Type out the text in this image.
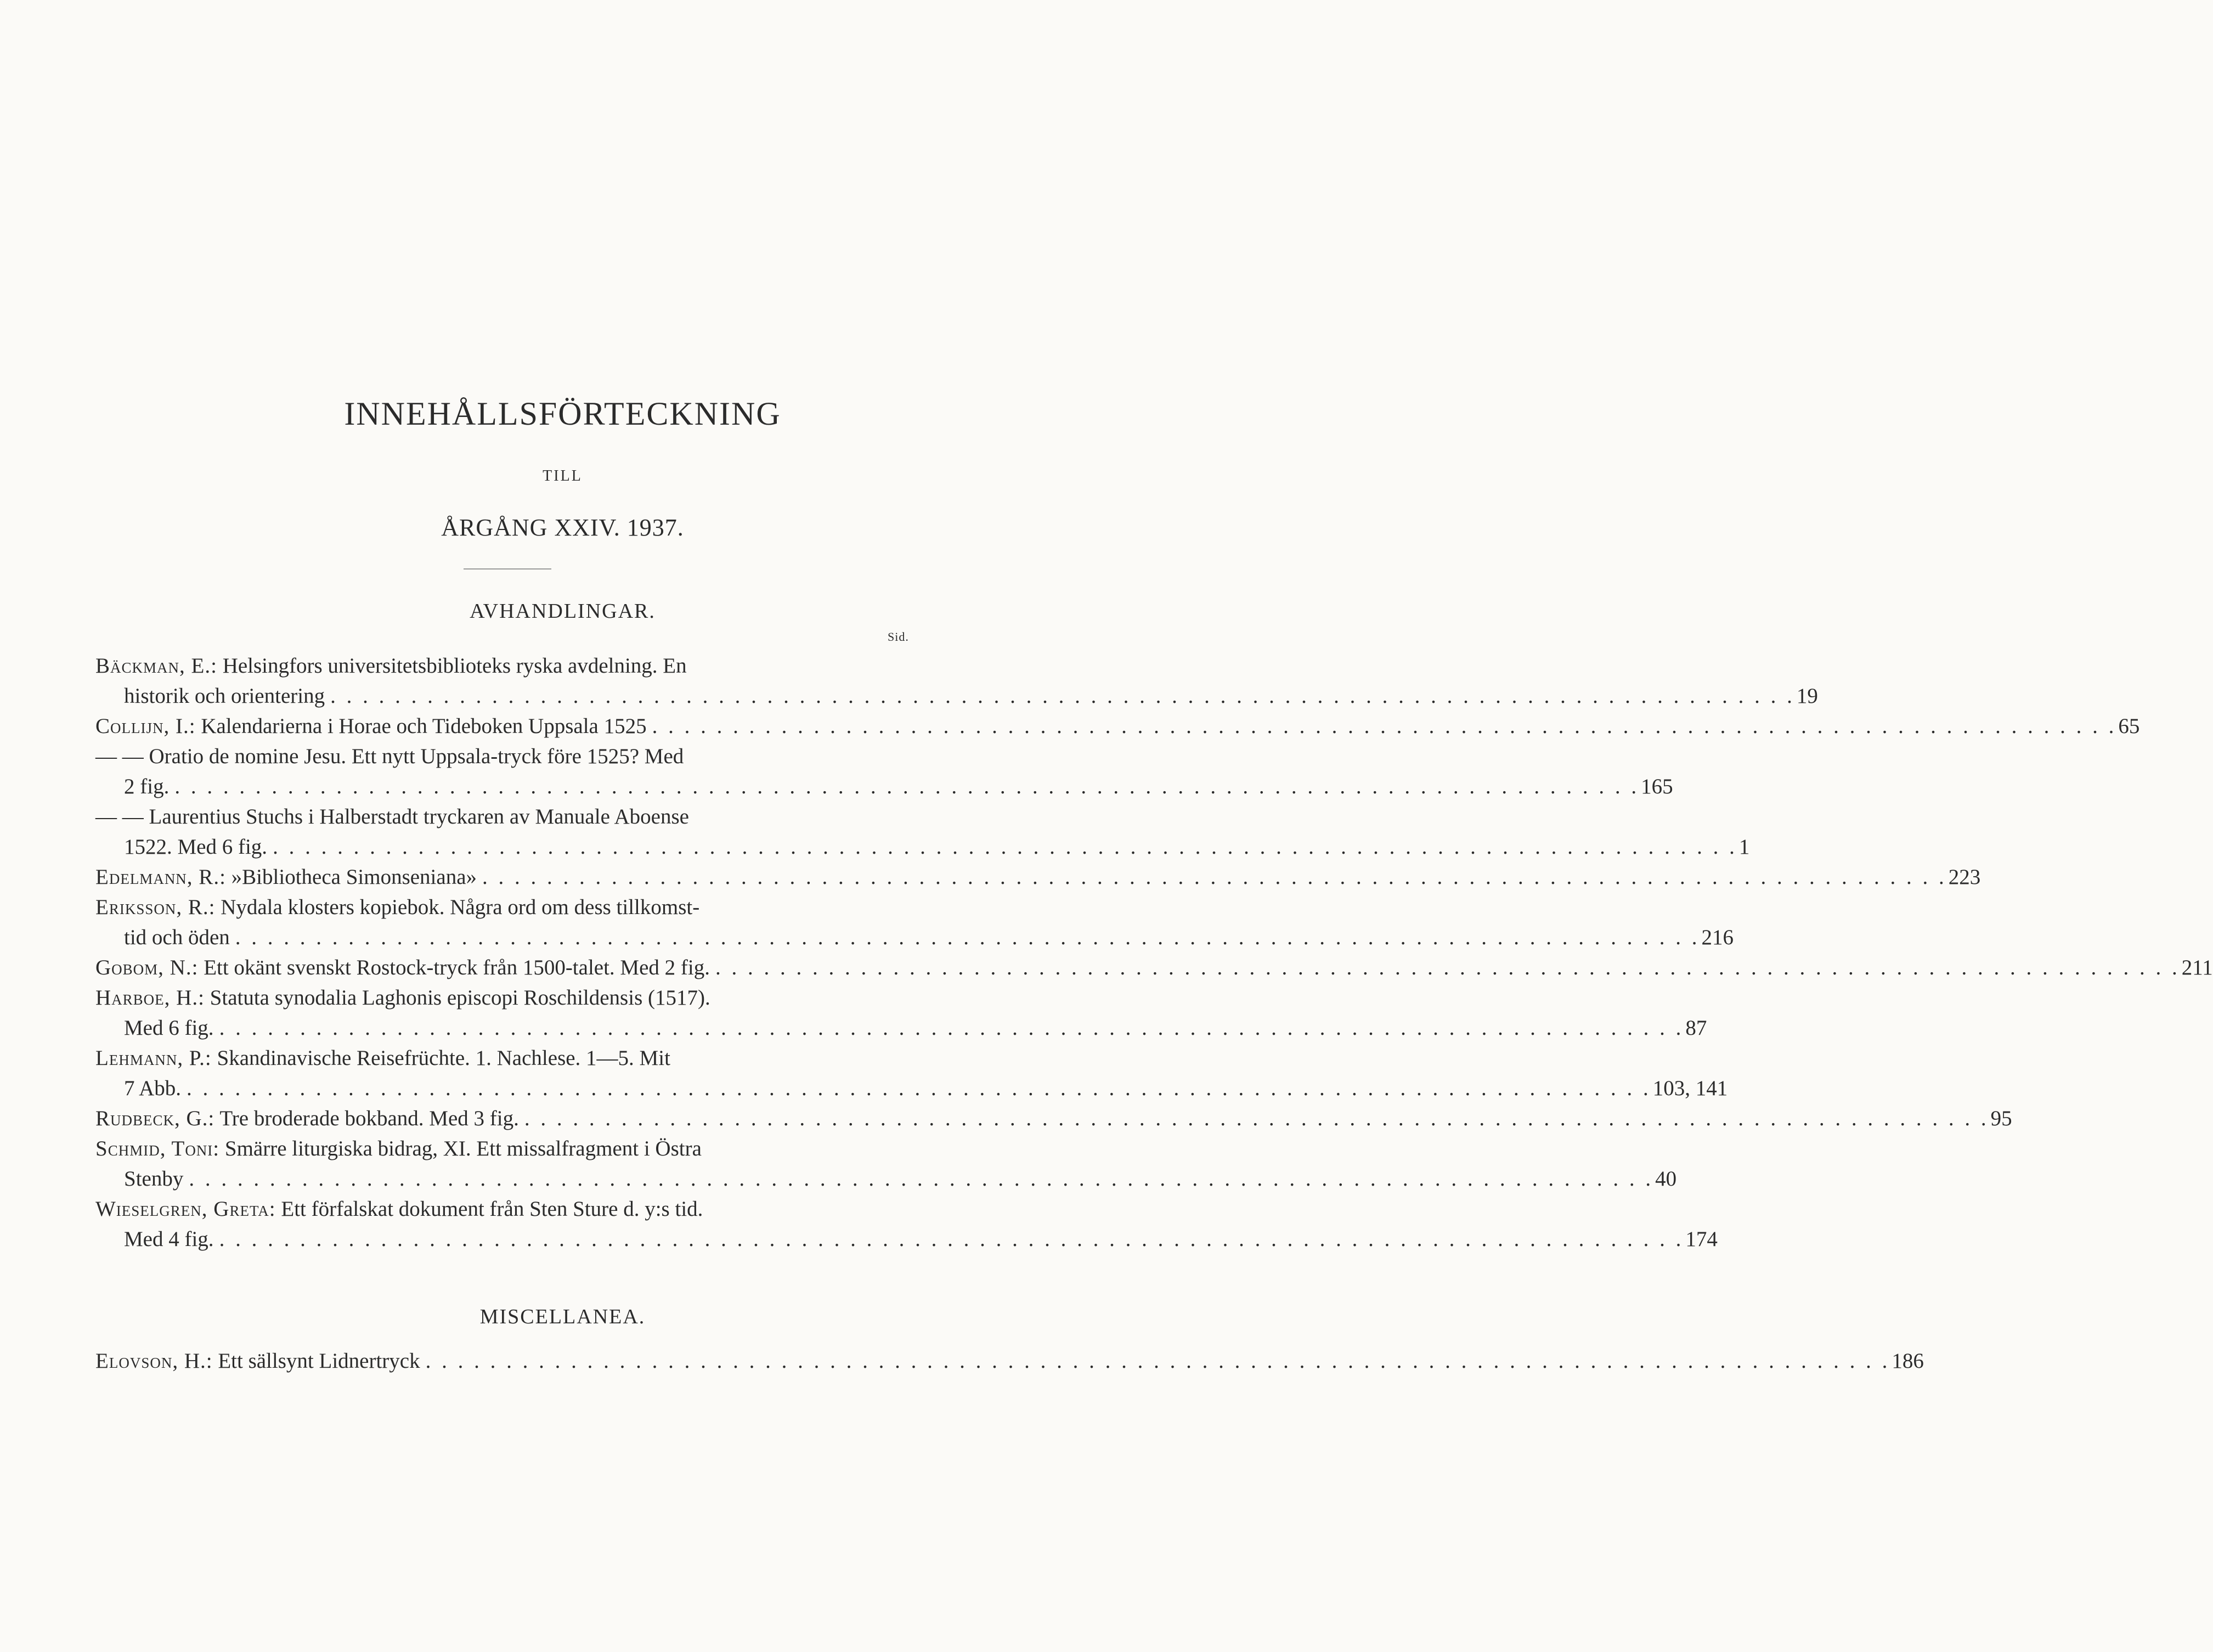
INNEHÅLLSFÖRTECKNING
TILL
ÅRGÅNG XXIV. 1937.
AVHANDLINGAR.
Sid.
Bäckman, E.: Helsingfors universitetsbiblioteks ryska avdelning. En
historik och orientering . . .	19
Collijn, I.: Kalendarierna i Horae och Tideboken Uppsala 1525 . . .	65
— — Oratio de nomine Jesu. Ett nytt Uppsala-tryck före 1525? Med
2 fig. . . .	165
— — Laurentius Stuchs i Halberstadt tryckaren av Manuale Aboense
1522. Med 6 fig. . . .	1
Edelmann, R.: »Bibliotheca Simonseniana» . . .	223
Eriksson, R.: Nydala klosters kopiebok. Några ord om dess tillkomst-
tid och öden . . .	216
Gobom, N.: Ett okänt svenskt Rostock-tryck från 1500-talet. Med 2 fig. . . .	211
Harboe, H.: Statuta synodalia Laghonis episcopi Roschildensis (1517).
Med 6 fig. . . .	87
Lehmann, P.: Skandinavische Reisefrüchte. 1. Nachlese. 1—5. Mit
7 Abb. . . .	103, 141
Rudbeck, G.: Tre broderade bokband. Med 3 fig. . . .	95
Schmid, Toni: Smärre liturgiska bidrag, XI. Ett missalfragment i Östra
Stenby . . .	40
Wieselgren, Greta: Ett förfalskat dokument från Sten Sture d. y:s tid.
Med 4 fig. . . .	174
MISCELLANEA.
Elovson, H.: Ett sällsynt Lidnertryck . . .	186
